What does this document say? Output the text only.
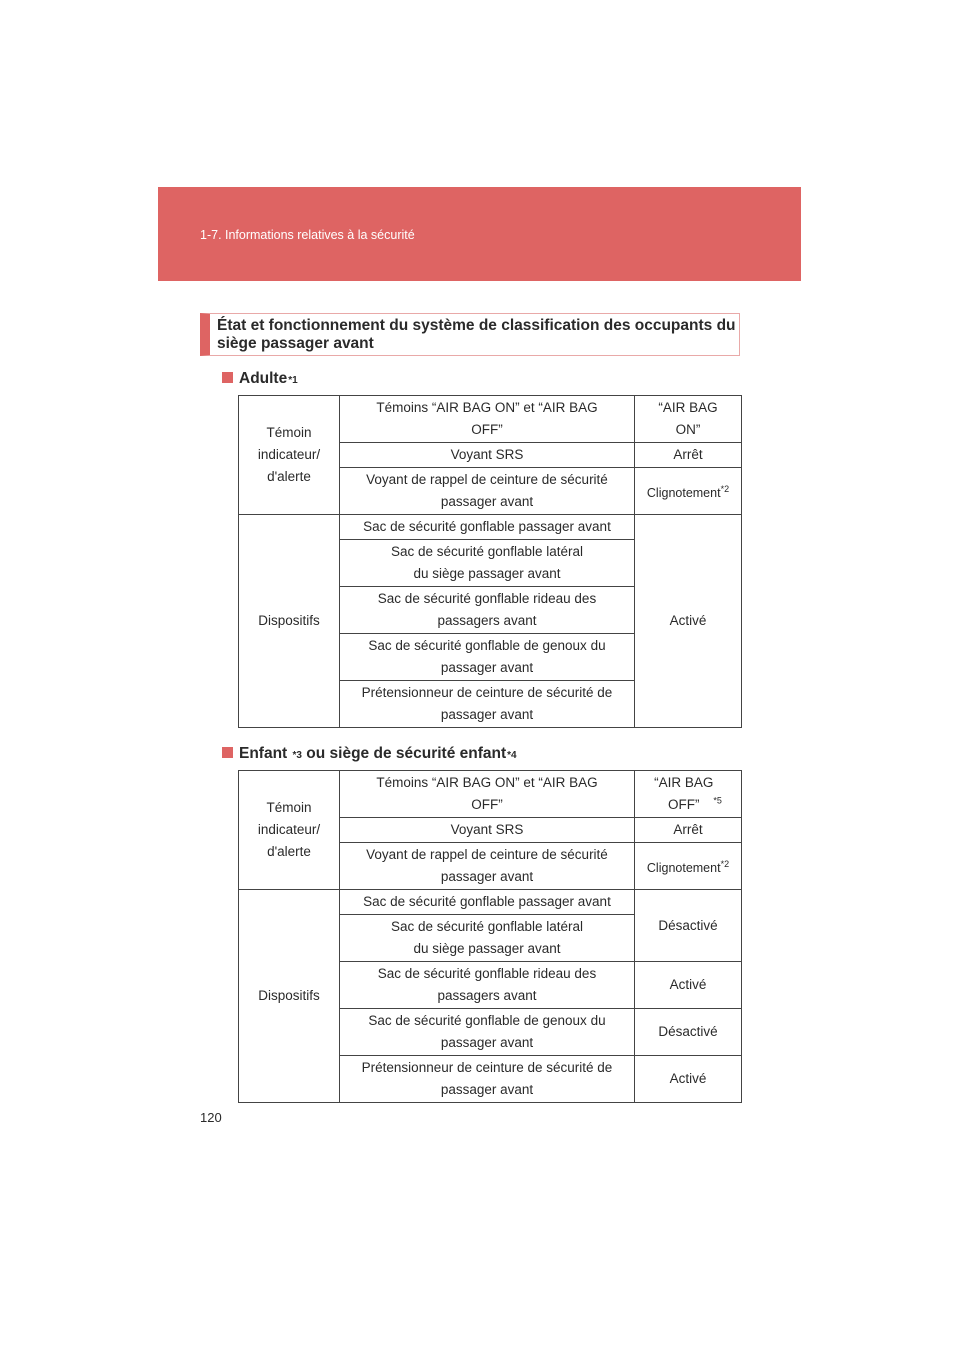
1-7. Informations relatives à la sécurité
État et fonctionnement du système de classification des occupants du siège passager avant
Adulte *1
Témoin
indicateur/
d'alerte	Témoins “AIR BAG ON” et “AIR BAG
OFF”	“AIR BAG
ON”
	Voyant SRS	Arrêt
	Voyant de rappel de ceinture de sécurité
passager avant	Clignotement$^{*2}$
Dispositifs	Sac de sécurité gonflable passager avant	Activé
	Sac de sécurité gonflable latéral
du siège passager avant	
	Sac de sécurité gonflable rideau des
passagers avant	
	Sac de sécurité gonflable de genoux du
passager avant	
	Prétensionneur de ceinture de sécurité de
passager avant	
Enfant *3 ou siège de sécurité enfant *4
Témoin
indicateur/
d'alerte	Témoins “AIR BAG ON” et “AIR BAG
OFF”	“AIR BAG
OFF”$^{*5}$
	Voyant SRS	Arrêt
	Voyant de rappel de ceinture de sécurité
passager avant	Clignotement$^{*2}$
Dispositifs	Sac de sécurité gonflable passager avant	Désactivé
	Sac de sécurité gonflable latéral
du siège passager avant	
	Sac de sécurité gonflable rideau des
passagers avant	Activé
	Sac de sécurité gonflable de genoux du
passager avant	Désactivé
	Prétensionneur de ceinture de sécurité de
passager avant	Activé
120
